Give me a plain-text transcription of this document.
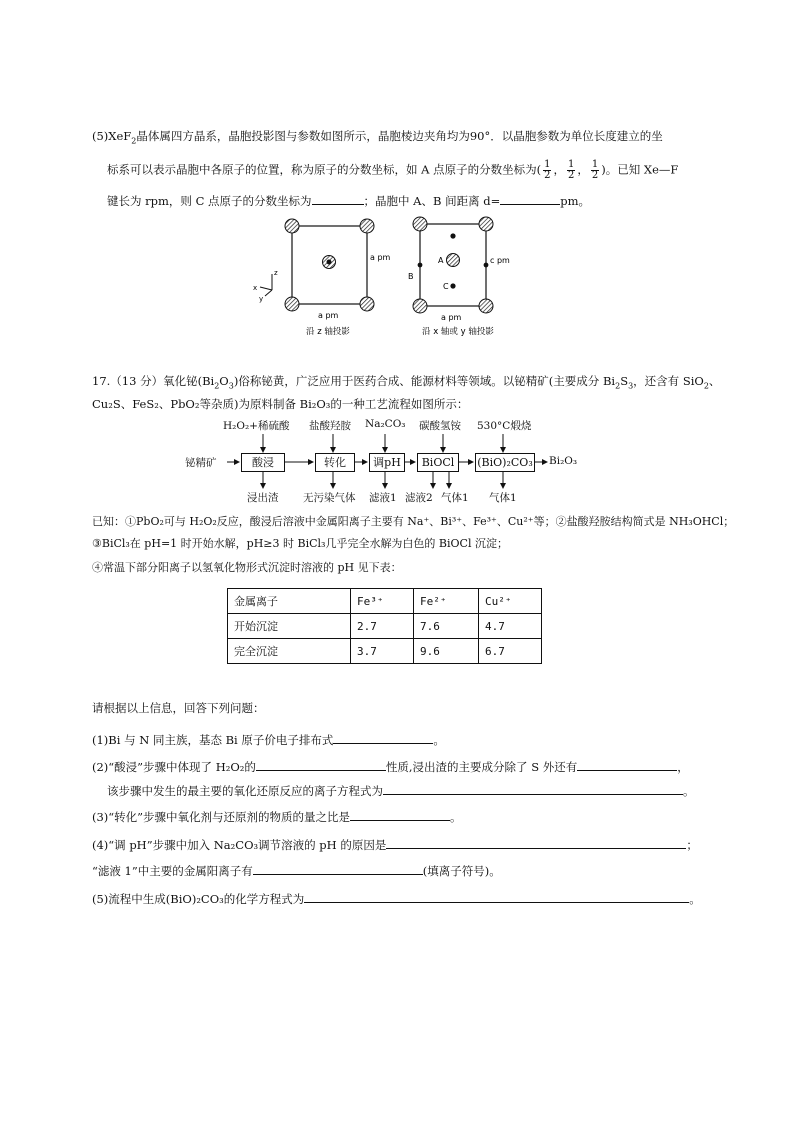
(5)XeF$_2$晶体属四方晶系，晶胞投影图与参数如图所示，晶胞棱边夹角均为90°．以晶胞参数为单位长度建立的坐
标系可以表示晶胞中各原子的位置，称为原子的分数坐标，如 A 点原子的分数坐标为( $\frac{1}{2}$ ， $\frac{1}{2}$ ， $\frac{1}{2}$ )。已知 Xe—F
键长为 rpm，则 C 点原子的分数坐标为	；晶胞中 A、B 间距离 d=	pm。
a pm
a pm
沿 z 轴投影
z
x
y
A
B
C
c pm
a pm
沿 x 轴或 y 轴投影
17.（13 分）氧化铋$(Bi_2O_3)$俗称铋黄，广泛应用于医药合成、能源材料等领域。以铋精矿(主要成分 $Bi_2S_3$，还含有 SiO$_2$、
Cu₂S、FeS₂、PbO₂等杂质)为原料制备 Bi₂O₃的一种工艺流程如图所示：
H₂O₂+稀硫酸 盐酸羟胺 Na₂CO₃ 碳酸氢铵 530°C煅烧
铋精矿	酸浸	转化	调pH	BiOCl	(BiO)₂CO₃ Bi₂O₃
浸出渣 无污染气体 滤液1 滤液2 气体1 气体1
已知：①PbO₂可与 H₂O₂反应，酸浸后溶液中金属阳离子主要有 Na⁺、Bi³⁺、Fe³⁺、Cu²⁺等；②盐酸羟胺结构简式是 NH₃OHCl；
③BiCl₃在 pH=1 时开始水解，pH≥3 时 BiCl₃几乎完全水解为白色的 BiOCl 沉淀；
④常温下部分阳离子以氢氧化物形式沉淀时溶液的 pH 见下表：
金属离子	Fe³⁺	Fe²⁺	Cu²⁺
开始沉淀	2.7	7.6	4.7
完全沉淀	3.7	9.6	6.7
请根据以上信息，回答下列问题：
(1)Bi 与 N 同主族，基态 Bi 原子价电子排布式	。
(2)“酸浸”步骤中体现了 H₂O₂的	性质,浸出渣的主要成分除了 S 外还有	，
该步骤中发生的最主要的氧化还原反应的离子方程式为	。
(3)“转化”步骤中氧化剂与还原剂的物质的量之比是	。
(4)“调 pH”步骤中加入 Na₂CO₃调节溶液的 pH 的原因是	；
“滤液 1”中主要的金属阳离子有	(填离子符号)。
(5)流程中生成(BiO)₂CO₃的化学方程式为	。
